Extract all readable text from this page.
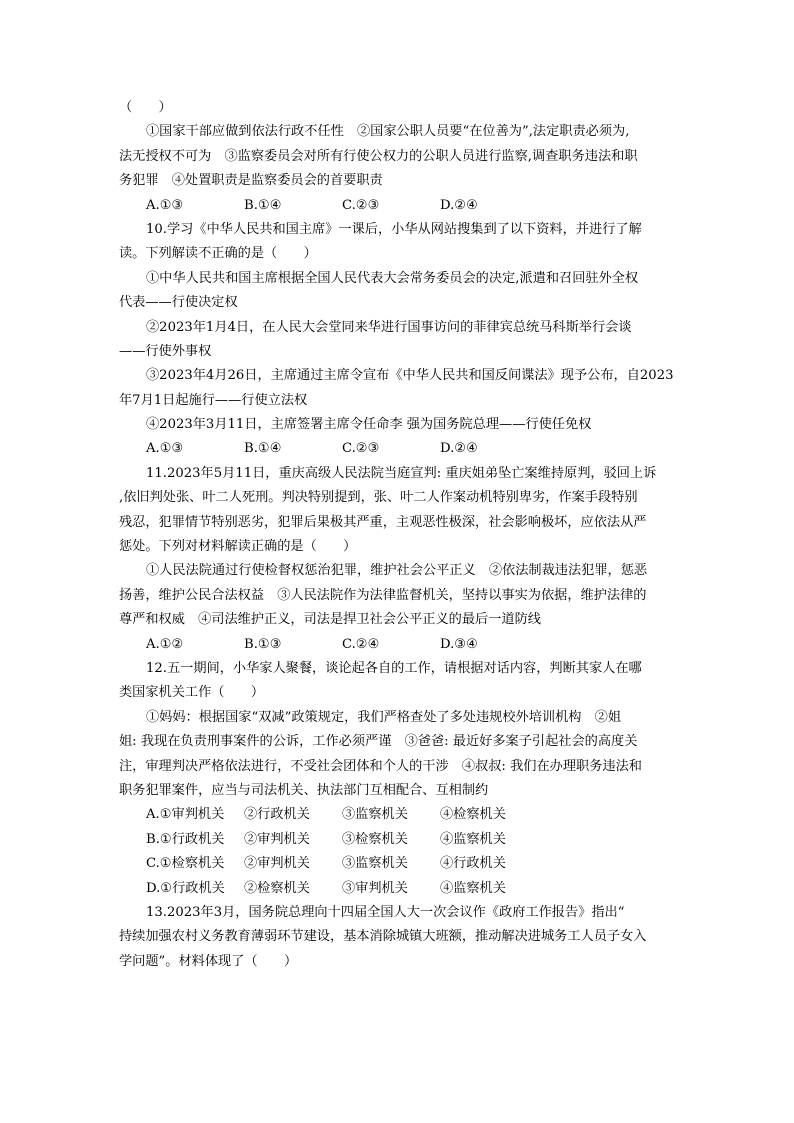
（　　）
①国家干部应做到依法行政不任性　②国家公职人员要“在位善为”,法定职责必须为,
法无授权不可为　③监察委员会对所有行使公权力的公职人员进行监察,调查职务违法和职
务犯罪　④处置职责是监察委员会的首要职责
A.①③	B.①④	C.②③	D.②④
10.学习《中华人民共和国主席》一课后，小华从网站搜集到了以下资料，并进行了解
读。下列解读不正确的是（　　）
①中华人民共和国主席根据全国人民代表大会常务委员会的决定,派遣和召回驻外全权
代表——行使决定权
②2023年1月4日，在人民大会堂同来华进行国事访问的菲律宾总统马科斯举行会谈
——行使外事权
③2023年4月26日，主席通过主席令宣布《中华人民共和国反间谍法》现予公布，自2023
年7月1日起施行——行使立法权
④2023年3月11日，主席签署主席令任命李 强为国务院总理——行使任免权
A.①③	B.①④	C.②③	D.②④
11.2023年5月11日，重庆高级人民法院当庭宣判: 重庆姐弟坠亡案维持原判，驳回上诉
,依旧判处张、叶二人死刑。判决特别提到，张、叶二人作案动机特别卑劣，作案手段特别
残忍，犯罪情节特别恶劣，犯罪后果极其严重，主观恶性极深，社会影响极坏，应依法从严
惩处。下列对材料解读正确的是（　　）
①人民法院通过行使检督权惩治犯罪，维护社会公平正义　②依法制裁违法犯罪，惩恶
扬善，维护公民合法权益　③人民法院作为法律监督机关，坚持以事实为依据，维护法律的
尊严和权威　④司法维护正义，司法是捍卫社会公平正义的最后一道防线
A.①②	B.①③	C.②④	D.③④
12.五一期间，小华家人聚餐，谈论起各自的工作，请根据对话内容，判断其家人在哪
类国家机关工作（　　）
①妈妈：根据国家“双减”政策规定，我们严格查处了多处违规校外培训机构　②姐
姐: 我现在负责刑事案件的公诉，工作必须严谨　③爸爸: 最近好多案子引起社会的高度关
注，审理判决严格依法进行，不受社会团体和个人的干涉　④叔叔: 我们在办理职务违法和
职务犯罪案件，应当与司法机关、执法部门互相配合、互相制约
A.①审判机关 ②行政机关 ③监察机关 ④检察机关
B.①行政机关 ②审判机关 ③检察机关 ④监察机关
C.①检察机关 ②审判机关 ③监察机关 ④行政机关
D.①行政机关 ②检察机关 ③审判机关 ④监察机关
13.2023年3月，国务院总理向十四届全国人大一次会议作《政府工作报告》指出“
持续加强农村义务教育薄弱环节建设，基本消除城镇大班额，推动解决进城务工人员子女入
学问题”。材料体现了（　　）
